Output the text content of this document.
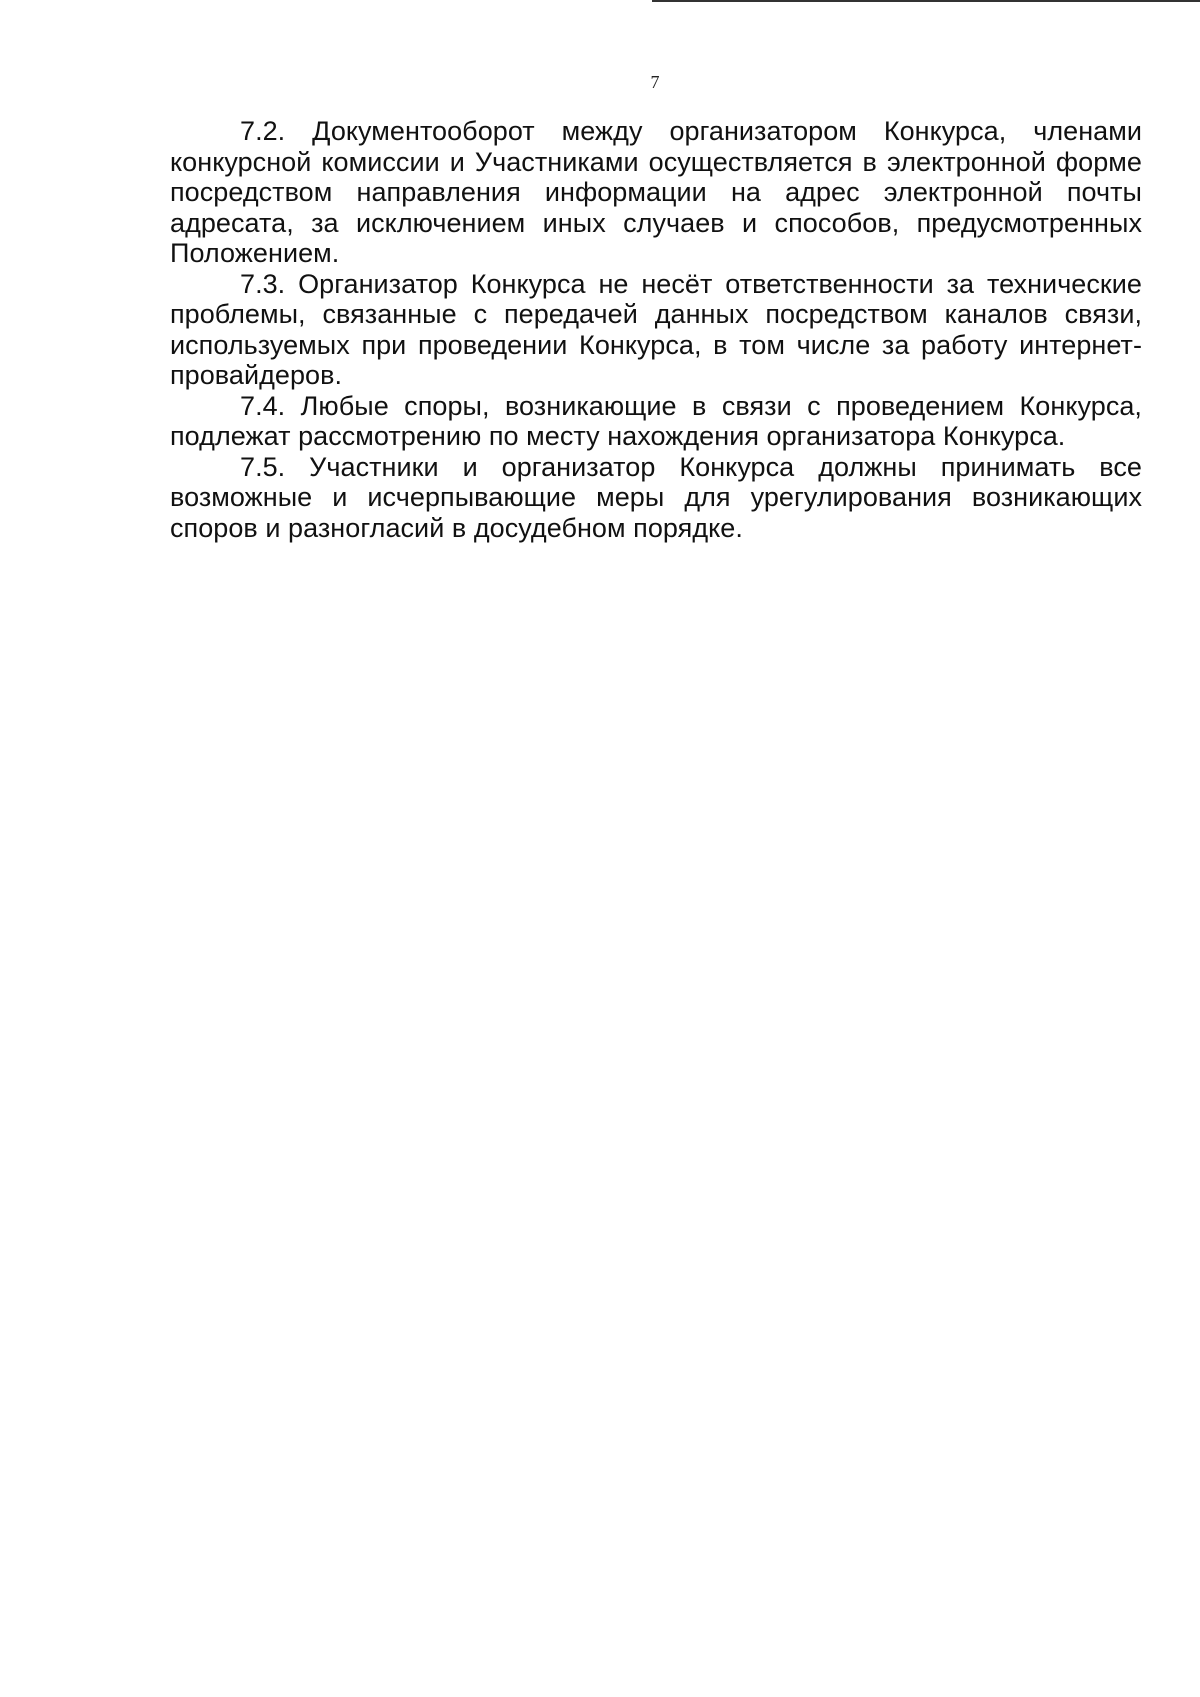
7

7.2. Документооборот между организатором Конкурса, членами конкурсной комиссии и Участниками осуществляется в электронной форме посредством направления информации на адрес электронной почты адресата, за исключением иных случаев и способов, предусмотренных Положением.

7.3. Организатор Конкурса не несёт ответственности за технические проблемы, связанные с передачей данных посредством каналов связи, используемых при проведении Конкурса, в том числе за работу интернет-провайдеров.

7.4. Любые споры, возникающие в связи с проведением Конкурса, подлежат рассмотрению по месту нахождения организатора Конкурса.

7.5. Участники и организатор Конкурса должны принимать все возможные и исчерпывающие меры для урегулирования возникающих споров и разногласий в досудебном порядке.
